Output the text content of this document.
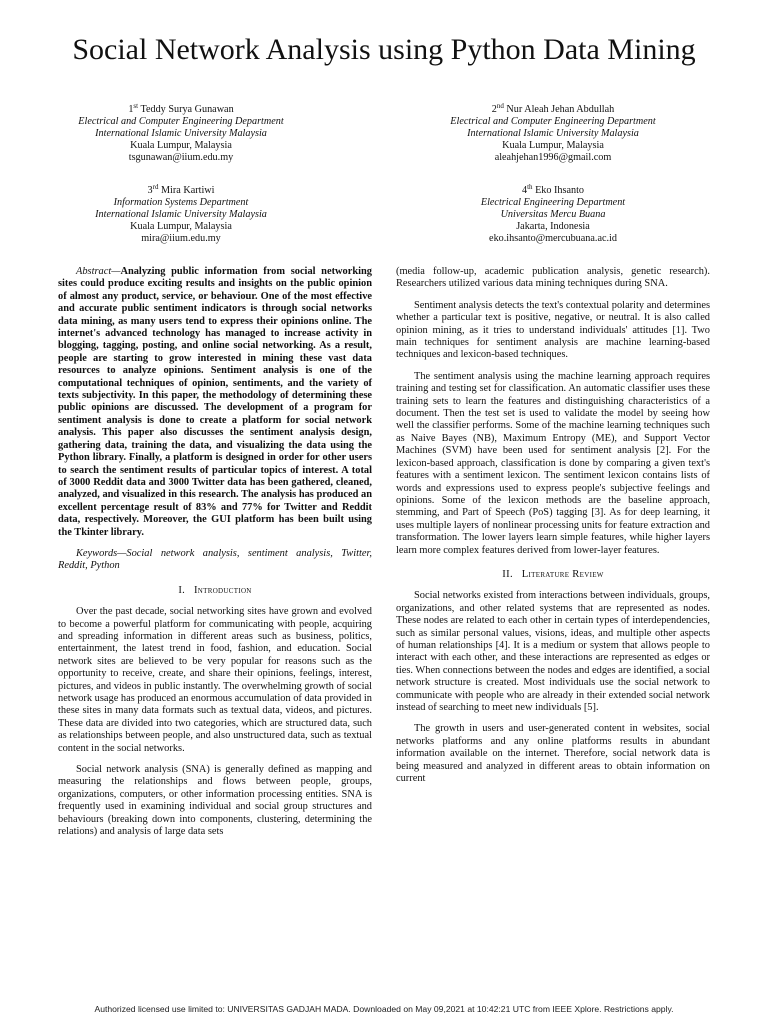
Social Network Analysis using Python Data Mining
1st Teddy Surya Gunawan
Electrical and Computer Engineering Department
International Islamic University Malaysia
Kuala Lumpur, Malaysia
tsgunawan@iium.edu.my
2nd Nur Aleah Jehan Abdullah
Electrical and Computer Engineering Department
International Islamic University Malaysia
Kuala Lumpur, Malaysia
aleahjehan1996@gmail.com
3rd Mira Kartiwi
Information Systems Department
International Islamic University Malaysia
Kuala Lumpur, Malaysia
mira@iium.edu.my
4th Eko Ihsanto
Electrical Engineering Department
Universitas Mercu Buana
Jakarta, Indonesia
eko.ihsanto@mercubuana.ac.id

Abstract—Analyzing public information from social networking sites could produce exciting results and insights on the public opinion of almost any product, service, or behaviour. One of the most effective and accurate public sentiment indicators is through social networks data mining, as many users tend to express their opinions online. The internet's advanced technology has managed to increase activity in blogging, tagging, posting, and online social networking. As a result, people are starting to grow interested in mining these vast data resources to analyze opinions. Sentiment analysis is one of the computational techniques of opinion, sentiments, and the variety of texts subjectivity. In this paper, the methodology of determining these public opinions are discussed. The development of a program for sentiment analysis is done to create a platform for social network analysis. This paper also discusses the sentiment analysis design, gathering data, training the data, and visualizing the data using the Python library. Finally, a platform is designed in order for other users to search the sentiment results of particular topics of interest. A total of 3000 Reddit data and 3000 Twitter data has been gathered, cleaned, analyzed, and visualized in this research. The analysis has produced an excellent percentage result of 83% and 77% for Twitter and Reddit data, respectively. Moreover, the GUI platform has been built using the Tkinter library.

Keywords—Social network analysis, sentiment analysis, Twitter, Reddit, Python

I. Introduction

Over the past decade, social networking sites have grown and evolved to become a powerful platform for communicating with people, acquiring and spreading information in different areas such as business, politics, entertainment, the latest trend in food, fashion, and education. Social network sites are believed to be very popular for reasons such as the opportunity to receive, create, and share their opinions, feelings, interest, pictures, and videos in public instantly. The overwhelming growth of social network usage has produced an enormous accumulation of data provided in these sites in many data formats such as textual data, videos, and pictures. These data are divided into two categories, which are structured data, such as relationships between people, and also unstructured data, such as textual content in the social networks.

Social network analysis (SNA) is generally defined as mapping and measuring the relationships and flows between people, groups, organizations, computers, or other information processing entities. SNA is frequently used in examining individual and social group structures and behaviours (breaking down into components, clustering, determining the relations) and analysis of large data sets

(media follow-up, academic publication analysis, genetic research). Researchers utilized various data mining techniques during SNA.

Sentiment analysis detects the text's contextual polarity and determines whether a particular text is positive, negative, or neutral. It is also called opinion mining, as it tries to understand individuals' attitudes [1]. Two main techniques for sentiment analysis are machine learning-based techniques and lexicon-based techniques.

The sentiment analysis using the machine learning approach requires training and testing set for classification. An automatic classifier uses these training sets to learn the features and distinguishing characteristics of a document. Then the test set is used to validate the model by seeing how well the classifier performs. Some of the machine learning techniques such as Naive Bayes (NB), Maximum Entropy (ME), and Support Vector Machines (SVM) have been used for sentiment analysis [2]. For the lexicon-based approach, classification is done by comparing a given text's features with a sentiment lexicon. The sentiment lexicon contains lists of words and expressions used to express people's subjective feelings and opinions. Some of the lexicon methods are the baseline approach, stemming, and Part of Speech (PoS) tagging [3]. As for deep learning, it uses multiple layers of nonlinear processing units for feature extraction and transformation. The lower layers learn simple features, while higher layers learn more complex features derived from lower-layer features.

II. Literature Review

Social networks existed from interactions between individuals, groups, organizations, and other related systems that are represented as nodes. These nodes are related to each other in certain types of interdependencies, such as similar personal values, visions, ideas, and multiple other aspects of human relationships [4]. It is a medium or system that allows people to interact with each other, and these interactions are represented as edges or ties. When connections between the nodes and edges are identified, a social network structure is created. Most individuals use the social network to communicate with people who are already in their extended social network instead of searching to meet new individuals [5].

The growth in users and user-generated content in websites, social networks platforms and any online platforms results in abundant information available on the internet. Therefore, social network data is being measured and analyzed in different areas to obtain information on current

Authorized licensed use limited to: UNIVERSITAS GADJAH MADA. Downloaded on May 09,2021 at 10:42:21 UTC from IEEE Xplore. Restrictions apply.
